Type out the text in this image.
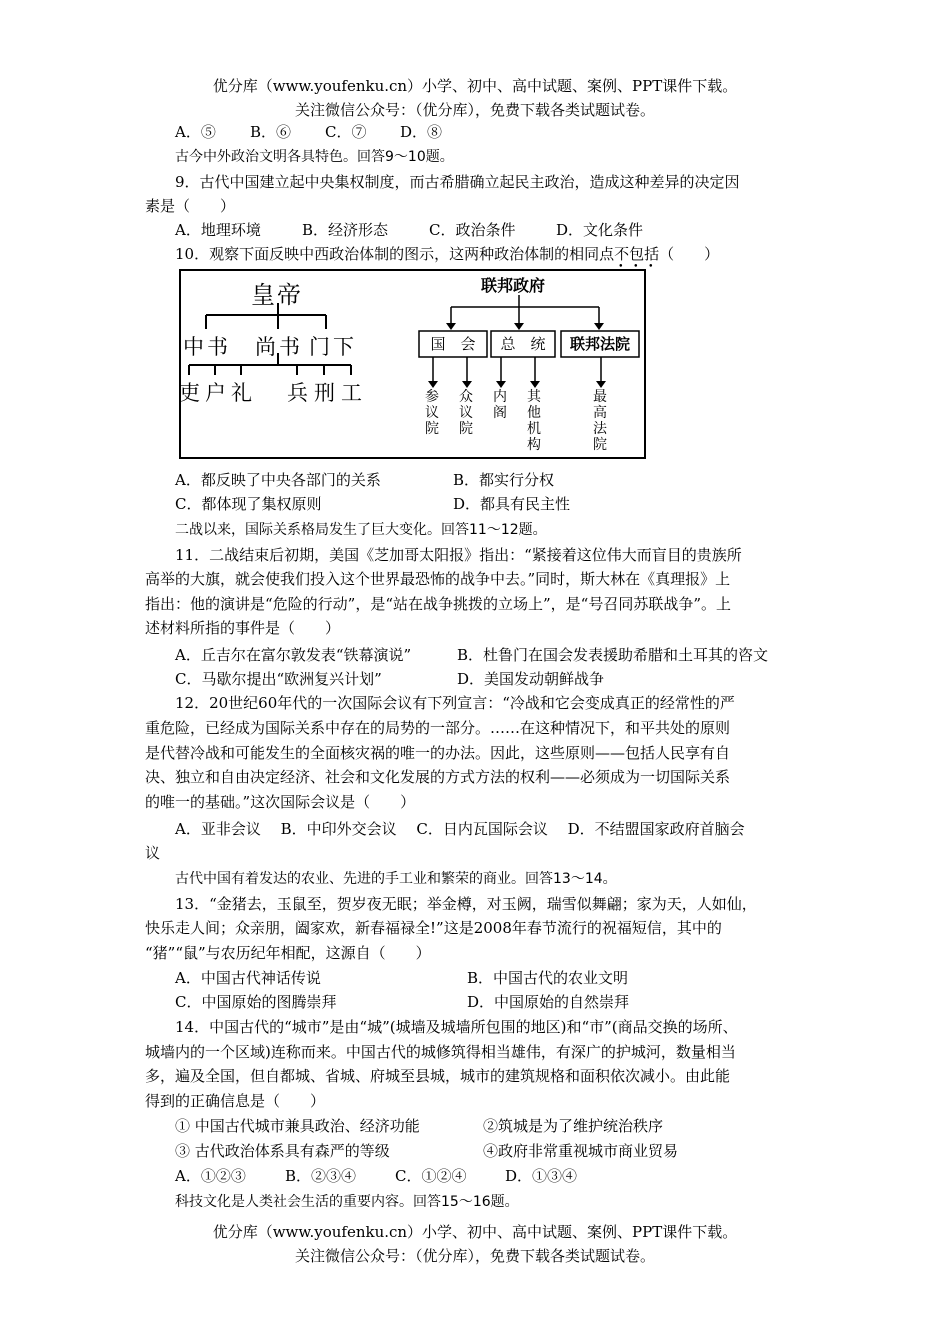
优分库（www.youfenku.cn）小学、初中、高中试题、案例、PPT课件下载。
关注微信公众号：（优分库），免费下载各类试题试卷。
A．⑤ B．⑥ C．⑦ D．⑧
古今中外政治文明各具特色。回答9～10题。
9．古代中国建立起中央集权制度，而古希腊确立起民主政治，造成这种差异的决定因
素是（　　）
A．地理环境	B．经济形态	C．政治条件	D．文化条件
10．观察下面反映中西政治体制的图示，这两种政治体制的相同点不包括（　　）
皇帝
中书 尚书 门下
吏 户 礼 兵 刑 工
联邦政府
国　会	总　统	联邦法院
参议院
众议院
内阁
其他机构
最高法院
A．都反映了中央各部门的关系	B．都实行分权
C．都体现了集权原则	D．都具有民主性
二战以来，国际关系格局发生了巨大变化。回答11～12题。
11．二战结束后初期，美国《芝加哥太阳报》指出：“紧接着这位伟大而盲目的贵族所
高举的大旗，就会使我们投入这个世界最恐怖的战争中去。”同时，斯大林在《真理报》上
指出：他的演讲是“危险的行动”，是“站在战争挑拨的立场上”，是“号召同苏联战争”。上
述材料所指的事件是（　　）
A．丘吉尔在富尔敦发表“铁幕演说”	B．杜鲁门在国会发表援助希腊和土耳其的咨文
C．马歇尔提出“欧洲复兴计划”	D．美国发动朝鲜战争
12．20世纪60年代的一次国际会议有下列宣言：“冷战和它会变成真正的经常性的严
重危险，已经成为国际关系中存在的局势的一部分。……在这种情况下，和平共处的原则
是代替冷战和可能发生的全面核灾祸的唯一的办法。因此，这些原则——包括人民享有自
决、独立和自由决定经济、社会和文化发展的方式方法的权利——必须成为一切国际关系
的唯一的基础。”这次国际会议是（　　）
A．亚非会议　 B．中印外交会议　 C．日内瓦国际会议　 D．不结盟国家政府首脑会
议
古代中国有着发达的农业、先进的手工业和繁荣的商业。回答13～14。
13．“金猪去，玉鼠至，贺岁夜无眠；举金樽，对玉阙，瑞雪似舞翩；家为天，人如仙，
快乐走人间；众亲朋，阖家欢，新春福禄全!”这是2008年春节流行的祝福短信，其中的
“猪”“鼠”与农历纪年相配，这源自（　　）
A．中国古代神话传说	B．中国古代的农业文明
C．中国原始的图腾崇拜	D．中国原始的自然崇拜
14．中国古代的“城市”是由“城”(城墙及城墙所包围的地区)和“市”(商品交换的场所、
城墙内的一个区域)连称而来。中国古代的城修筑得相当雄伟，有深广的护城河，数量相当
多，遍及全国，但自都城、省城、府城至县城，城市的建筑规格和面积依次减小。由此能
得到的正确信息是（　　）
① 中国古代城市兼具政治、经济功能	②筑城是为了维护统治秩序
③ 古代政治体系具有森严的等级	④政府非常重视城市商业贸易
A．①②③	B．②③④	C．①②④	D．①③④
科技文化是人类社会生活的重要内容。回答15～16题。
优分库（www.youfenku.cn）小学、初中、高中试题、案例、PPT课件下载。
关注微信公众号：（优分库），免费下载各类试题试卷。
